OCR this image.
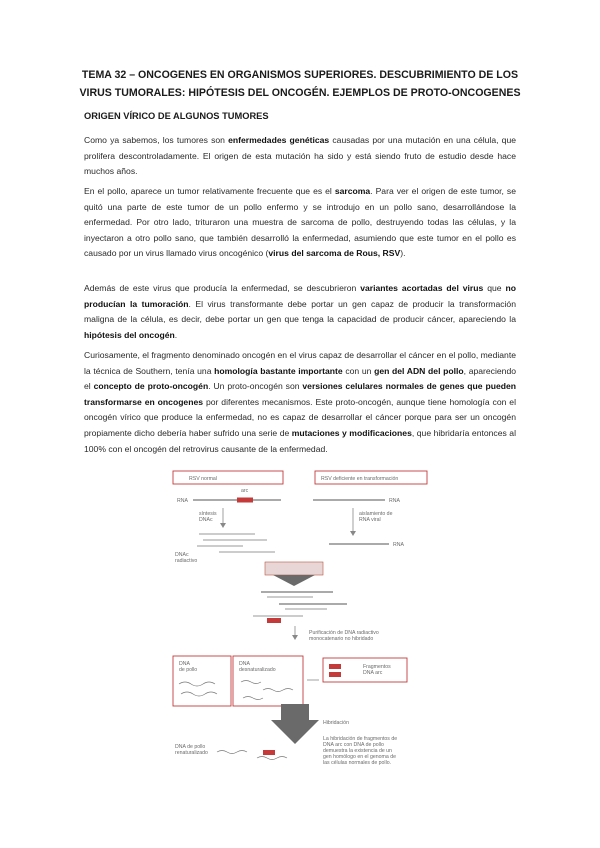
TEMA 32 – ONCOGENES EN ORGANISMOS SUPERIORES. DESCUBRIMIENTO DE LOS VIRUS TUMORALES: HIPÓTESIS DEL ONCOGÉN. EJEMPLOS DE PROTO-ONCOGENES
ORIGEN VÍRICO DE ALGUNOS TUMORES
Como ya sabemos, los tumores son enfermedades genéticas causadas por una mutación en una célula, que prolifera descontroladamente. El origen de esta mutación ha sido y está siendo fruto de estudio desde hace muchos años.
En el pollo, aparece un tumor relativamente frecuente que es el sarcoma. Para ver el origen de este tumor, se quitó una parte de este tumor de un pollo enfermo y se introdujo en un pollo sano, desarrollándose la enfermedad. Por otro lado, trituraron una muestra de sarcoma de pollo, destruyendo todas las células, y la inyectaron a otro pollo sano, que también desarrolló la enfermedad, asumiendo que este tumor en el pollo es causado por un virus llamado virus oncogénico (virus del sarcoma de Rous, RSV).
Además de este virus que producía la enfermedad, se descubrieron variantes acortadas del virus que no producían la tumoración. El virus transformante debe portar un gen capaz de producir la transformación maligna de la célula, es decir, debe portar un gen que tenga la capacidad de producir cáncer, apareciendo la hipótesis del oncogén.
Curiosamente, el fragmento denominado oncogén en el virus capaz de desarrollar el cáncer en el pollo, mediante la técnica de Southern, tenía una homología bastante importante con un gen del ADN del pollo, apareciendo el concepto de proto-oncogén. Un proto-oncogén son versiones celulares normales de genes que pueden transformarse en oncogenes por diferentes mecanismos. Este proto-oncogén, aunque tiene homología con el oncogén vírico que produce la enfermedad, no es capaz de desarrollar el cáncer porque para ser un oncogén propiamente dicho debería haber sufrido una serie de mutaciones y modificaciones, que hibridaría entonces al 100% con el oncogén del retrovirus causante de la enfermedad.
RSV normal	RSV deficiente en transformación
arc
RNA	RNA
síntesis
DNAc
aislamiento de
RNA viral
DNAc
radiactivo
RNA
Purificación de DNA radiactivo
monocatenario no hibridado
DNA
de pollo
DNA
desnaturalizado	Fragmentos
DNA arc
Hibridación
DNA de pollo
renaturalizado
La hibridación de fragmentos de
DNA arc con DNA de pollo
demuestra la existencia de un
gen homólogo en el genoma de
las células normales de pollo.
